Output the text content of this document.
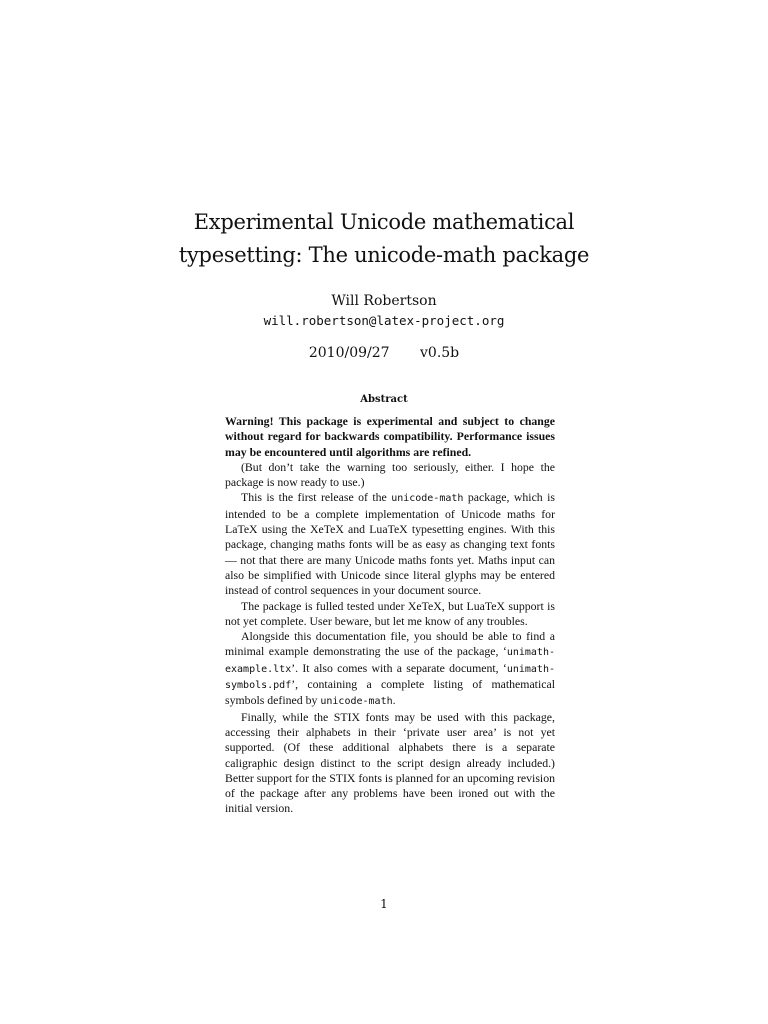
Experimental Unicode mathematical
typesetting: The unicode-math package
Will Robertson
will.robertson@latex-project.org
2010/09/27 v0.5b
Abstract

Warning! This package is experimental and subject to change without regard for backwards compatibility. Performance issues may be encountered until algorithms are refined.

(But don’t take the warning too seriously, either. I hope the package is now ready to use.)

This is the first release of the unicode-math package, which is intended to be a complete implementation of Unicode maths for LaTeX using the XeTeX and LuaTeX typesetting engines. With this package, changing maths fonts will be as easy as changing text fonts — not that there are many Unicode maths fonts yet. Maths input can also be simplified with Unicode since literal glyphs may be entered instead of control sequences in your document source.

The package is fulled tested under XeTeX, but LuaTeX support is not yet complete. User beware, but let me know of any troubles.

Alongside this documentation file, you should be able to find a minimal example demonstrating the use of the package, ‘unimath-example.ltx’. It also comes with a separate document, ‘unimath-symbols.pdf’, containing a complete listing of mathematical symbols defined by unicode-math.

Finally, while the STIX fonts may be used with this package, accessing their alphabets in their ‘private user area’ is not yet supported. (Of these additional alphabets there is a separate caligraphic design distinct to the script design already included.) Better support for the STIX fonts is planned for an upcoming revision of the package after any problems have been ironed out with the initial version.

1
